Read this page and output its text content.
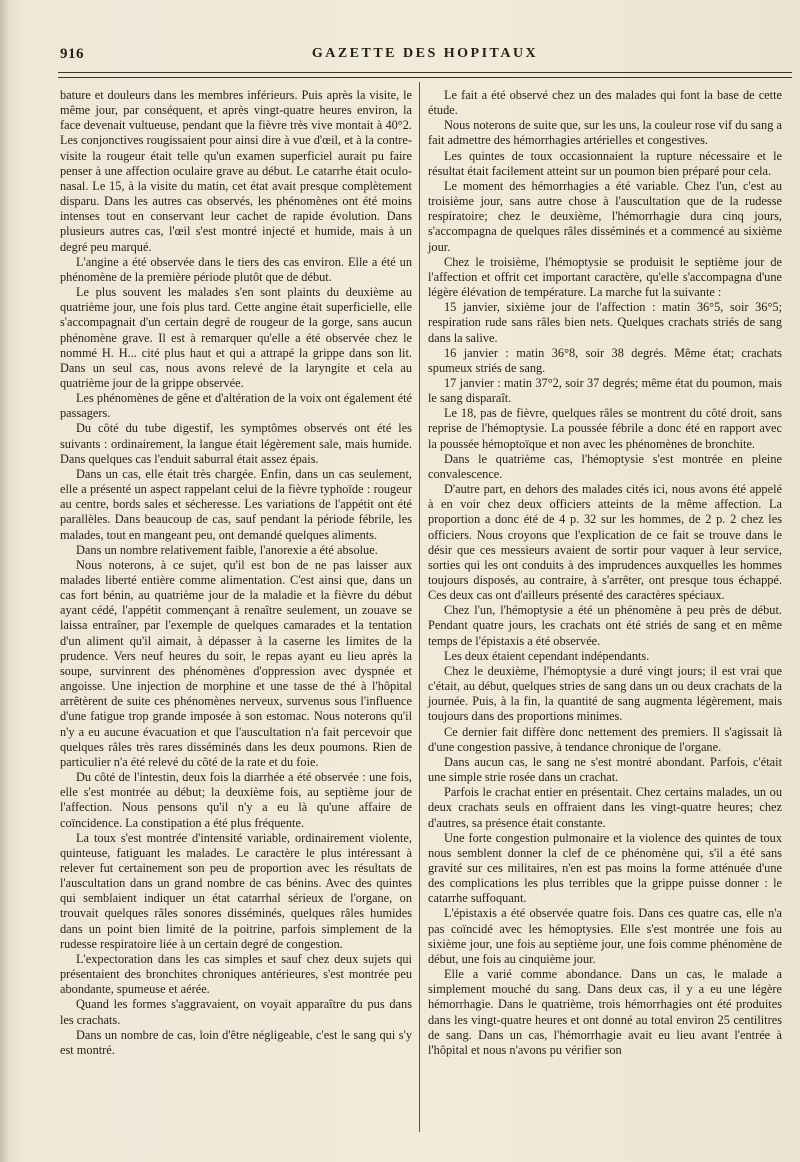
916	GAZETTE DES HOPITAUX

bature et douleurs dans les membres inférieurs. Puis après la visite, le même jour, par conséquent, et après vingt-quatre heures environ, la face devenait vultueuse, pendant que la fièvre très vive montait à 40°2. Les conjonctives rougissaient pour ainsi dire à vue d'œil, et à la contre-visite la rougeur était telle qu'un examen superficiel aurait pu faire penser à une affection oculaire grave au début. Le catarrhe était oculo-nasal. Le 15, à la visite du matin, cet état avait presque complètement disparu. Dans les autres cas observés, les phénomènes ont été moins intenses tout en conservant leur cachet de rapide évolution. Dans plusieurs autres cas, l'œil s'est montré injecté et humide, mais à un degré peu marqué.

L'angine a été observée dans le tiers des cas environ. Elle a été un phénomène de la première période plutôt que de début.

Le plus souvent les malades s'en sont plaints du deuxième au quatrième jour, une fois plus tard. Cette angine était superficielle, elle s'accompagnait d'un certain degré de rougeur de la gorge, sans aucun phénomène grave. Il est à remarquer qu'elle a été observée chez le nommé H. H... cité plus haut et qui a attrapé la grippe dans son lit. Dans un seul cas, nous avons relevé de la laryngite et cela au quatrième jour de la grippe observée.

Les phénomènes de gêne et d'altération de la voix ont également été passagers.

Du côté du tube digestif, les symptômes observés ont été les suivants : ordinairement, la langue était légèrement sale, mais humide. Dans quelques cas l'enduit saburral était assez épais.

Dans un cas, elle était très chargée. Enfin, dans un cas seulement, elle a présenté un aspect rappelant celui de la fièvre typhoïde : rougeur au centre, bords sales et sécheresse. Les variations de l'appétit ont été parallèles. Dans beaucoup de cas, sauf pendant la période fébrile, les malades, tout en mangeant peu, ont demandé quelques aliments.

Dans un nombre relativement faible, l'anorexie a été absolue.

Nous noterons, à ce sujet, qu'il est bon de ne pas laisser aux malades liberté entière comme alimentation. C'est ainsi que, dans un cas fort bénin, au quatrième jour de la maladie et la fièvre du début ayant cédé, l'appétit commençant à renaître seulement, un zouave se laissa entraîner, par l'exemple de quelques camarades et la tentation d'un aliment qu'il aimait, à dépasser à la caserne les limites de la prudence. Vers neuf heures du soir, le repas ayant eu lieu après la soupe, survinrent des phénomènes d'oppression avec dyspnée et angoisse. Une injection de morphine et une tasse de thé à l'hôpital arrêtèrent de suite ces phénomènes nerveux, survenus sous l'influence d'une fatigue trop grande imposée à son estomac. Nous noterons qu'il n'y a eu aucune évacuation et que l'auscultation n'a fait percevoir que quelques râles très rares disséminés dans les deux poumons. Rien de particulier n'a été relevé du côté de la rate et du foie.

Du côté de l'intestin, deux fois la diarrhée a été observée : une fois, elle s'est montrée au début; la deuxième fois, au septième jour de l'affection. Nous pensons qu'il n'y a eu là qu'une affaire de coïncidence. La constipation a été plus fréquente.

La toux s'est montrée d'intensité variable, ordinairement violente, quinteuse, fatiguant les malades. Le caractère le plus intéressant à relever fut certainement son peu de proportion avec les résultats de l'auscultation dans un grand nombre de cas bénins. Avec des quintes qui semblaient indiquer un état catarrhal sérieux de l'organe, on trouvait quelques râles sonores disséminés, quelques râles humides dans un point bien limité de la poitrine, parfois simplement de la rudesse respiratoire liée à un certain degré de congestion.

L'expectoration dans les cas simples et sauf chez deux sujets qui présentaient des bronchites chroniques antérieures, s'est montrée peu abondante, spumeuse et aérée.

Quand les formes s'aggravaient, on voyait apparaître du pus dans les crachats.

Dans un nombre de cas, loin d'être négligeable, c'est le sang qui s'y est montré.

Le fait a été observé chez un des malades qui font la base de cette étude.

Nous noterons de suite que, sur les uns, la couleur rose vif du sang a fait admettre des hémorrhagies artérielles et congestives.

Les quintes de toux occasionnaient la rupture nécessaire et le résultat était facilement atteint sur un poumon bien préparé pour cela.

Le moment des hémorrhagies a été variable. Chez l'un, c'est au troisième jour, sans autre chose à l'auscultation que de la rudesse respiratoire; chez le deuxième, l'hémorrhagie dura cinq jours, s'accompagna de quelques râles disséminés et a commencé au sixième jour.

Chez le troisième, l'hémoptysie se produisit le septième jour de l'affection et offrit cet important caractère, qu'elle s'accompagna d'une légère élévation de température. La marche fut la suivante :

15 janvier, sixième jour de l'affection : matin 36°5, soir 36°5; respiration rude sans râles bien nets. Quelques crachats striés de sang dans la salive.

16 janvier : matin 36°8, soir 38 degrés. Même état; crachats spumeux striés de sang.

17 janvier : matin 37°2, soir 37 degrés; même état du poumon, mais le sang disparaît.

Le 18, pas de fièvre, quelques râles se montrent du côté droit, sans reprise de l'hémoptysie. La poussée fébrile a donc été en rapport avec la poussée hémoptoïque et non avec les phénomènes de bronchite.

Dans le quatrième cas, l'hémoptysie s'est montrée en pleine convalescence.

D'autre part, en dehors des malades cités ici, nous avons été appelé à en voir chez deux officiers atteints de la même affection. La proportion a donc été de 4 p. 32 sur les hommes, de 2 p. 2 chez les officiers. Nous croyons que l'explication de ce fait se trouve dans le désir que ces messieurs avaient de sortir pour vaquer à leur service, sorties qui les ont conduits à des imprudences auxquelles les hommes toujours disposés, au contraire, à s'arrêter, ont presque tous échappé. Ces deux cas ont d'ailleurs présenté des caractères spéciaux.

Chez l'un, l'hémoptysie a été un phénomène à peu près de début. Pendant quatre jours, les crachats ont été striés de sang et en même temps de l'épistaxis a été observée.

Les deux étaient cependant indépendants.

Chez le deuxième, l'hémoptysie a duré vingt jours; il est vrai que c'était, au début, quelques stries de sang dans un ou deux crachats de la journée. Puis, à la fin, la quantité de sang augmenta légèrement, mais toujours dans des proportions minimes.

Ce dernier fait diffère donc nettement des premiers. Il s'agissait là d'une congestion passive, à tendance chronique de l'organe.

Dans aucun cas, le sang ne s'est montré abondant. Parfois, c'était une simple strie rosée dans un crachat.

Parfois le crachat entier en présentait. Chez certains malades, un ou deux crachats seuls en offraient dans les vingt-quatre heures; chez d'autres, sa présence était constante.

Une forte congestion pulmonaire et la violence des quintes de toux nous semblent donner la clef de ce phénomène qui, s'il a été sans gravité sur ces militaires, n'en est pas moins la forme atténuée d'une des complications les plus terribles que la grippe puisse donner : le catarrhe suffoquant.

L'épistaxis a été observée quatre fois. Dans ces quatre cas, elle n'a pas coïncidé avec les hémoptysies. Elle s'est montrée une fois au sixième jour, une fois au septième jour, une fois comme phénomène de début, une fois au cinquième jour.

Elle a varié comme abondance. Dans un cas, le malade a simplement mouché du sang. Dans deux cas, il y a eu une légère hémorrhagie. Dans le quatrième, trois hémorrhagies ont été produites dans les vingt-quatre heures et ont donné au total environ 25 centilitres de sang. Dans un cas, l'hémorrhagie avait eu lieu avant l'entrée à l'hôpital et nous n'avons pu vérifier son
